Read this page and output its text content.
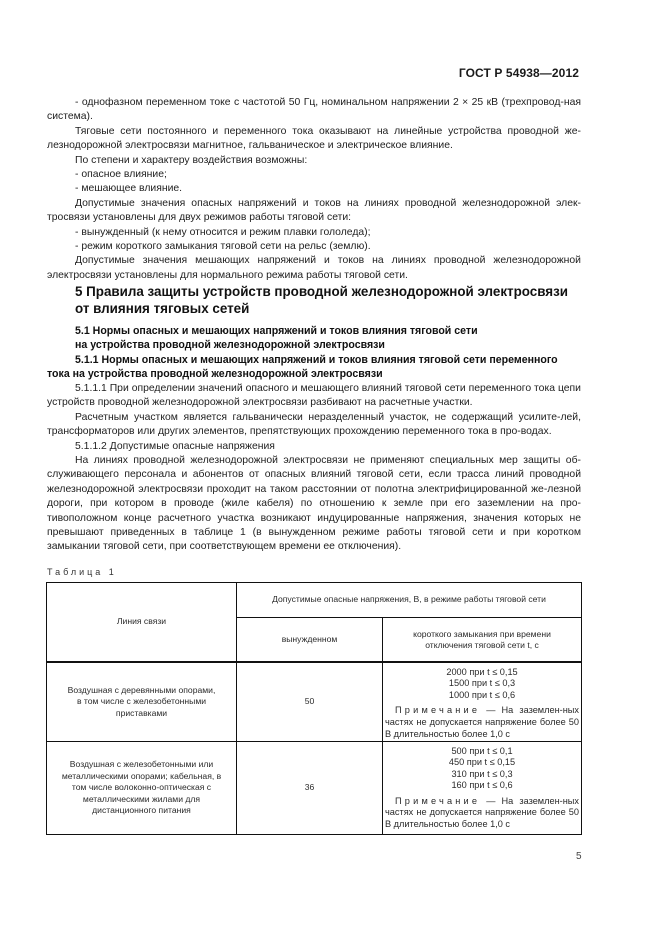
ГОСТ Р 54938—2012

- однофазном переменном токе с частотой 50 Гц, номинальном напряжении 2 × 25 кВ (трехпровод-ная система).

Тяговые сети постоянного и переменного тока оказывают на линейные устройства проводной же-лезнодорожной электросвязи магнитное, гальваническое и электрическое влияние.

По степени и характеру воздействия возможны:

- опасное влияние;

- мешающее влияние.

Допустимые значения опасных напряжений и токов на линиях проводной железнодорожной элек-тросвязи установлены для двух режимов работы тяговой сети:

- вынужденный (к нему относится и режим плавки гололеда);

- режим короткого замыкания тяговой сети на рельс (землю).

Допустимые значения мешающих напряжений и токов на линиях проводной железнодорожной электросвязи установлены для нормального режима работы тяговой сети.

5 Правила защиты устройств проводной железнодорожной электросвязи
от влияния тяговых сетей
5.1 Нормы опасных и мешающих напряжений и токов влияния тяговой сети
на устройства проводной железнодорожной электросвязи

5.1.1 Нормы опасных и мешающих напряжений и токов влияния тяговой сети переменного тока на устройства проводной железнодорожной электросвязи

5.1.1.1 При определении значений опасного и мешающего влияний тяговой сети переменного тока цепи устройств проводной железнодорожной электросвязи разбивают на расчетные участки.

Расчетным участком является гальванически неразделенный участок, не содержащий усилите-лей, трансформаторов или других элементов, препятствующих прохождению переменного тока в про-водах.

5.1.1.2 Допустимые опасные напряжения

На линиях проводной железнодорожной электросвязи не применяют специальных мер защиты об-служивающего персонала и абонентов от опасных влияний тяговой сети, если трасса линий проводной железнодорожной электросвязи проходит на таком расстоянии от полотна электрифицированной же-лезной дороги, при котором в проводе (жиле кабеля) по отношению к земле при его заземлении на про-тивоположном конце расчетного участка возникают индуцированные напряжения, значения которых не превышают приведенных в таблице 1 (в вынужденном режиме работы тяговой сети и при коротком замыкании тяговой сети, при соответствующем времени ее отключения).

Таблица 1
Линия связи
Допустимые опасные напряжения, В, в режиме работы тяговой сети
вынужденном
короткого замыкания при времени отключения тяговой сети t, с
Воздушная с деревянными опорами, в том числе с железобетонными приставками
50
2000 при t ≤ 0,15
1500 при t ≤ 0,3
1000 при t ≤ 0,6
Примечание — На заземлен-ных частях не допускается напряжение более 50 В длительностью более 1,0 с
Воздушная с железобетонными или металлическими опорами; кабельная, в том числе волоконно-оптическая с металлическими жилами для дистанционного питания
36
500 при t ≤ 0,1
450 при t ≤ 0,15
310 при t ≤ 0,3
160 при t ≤ 0,6
Примечание — На заземлен-ных частях не допускается напряжение более 50 В длительностью более 1,0 с
5
